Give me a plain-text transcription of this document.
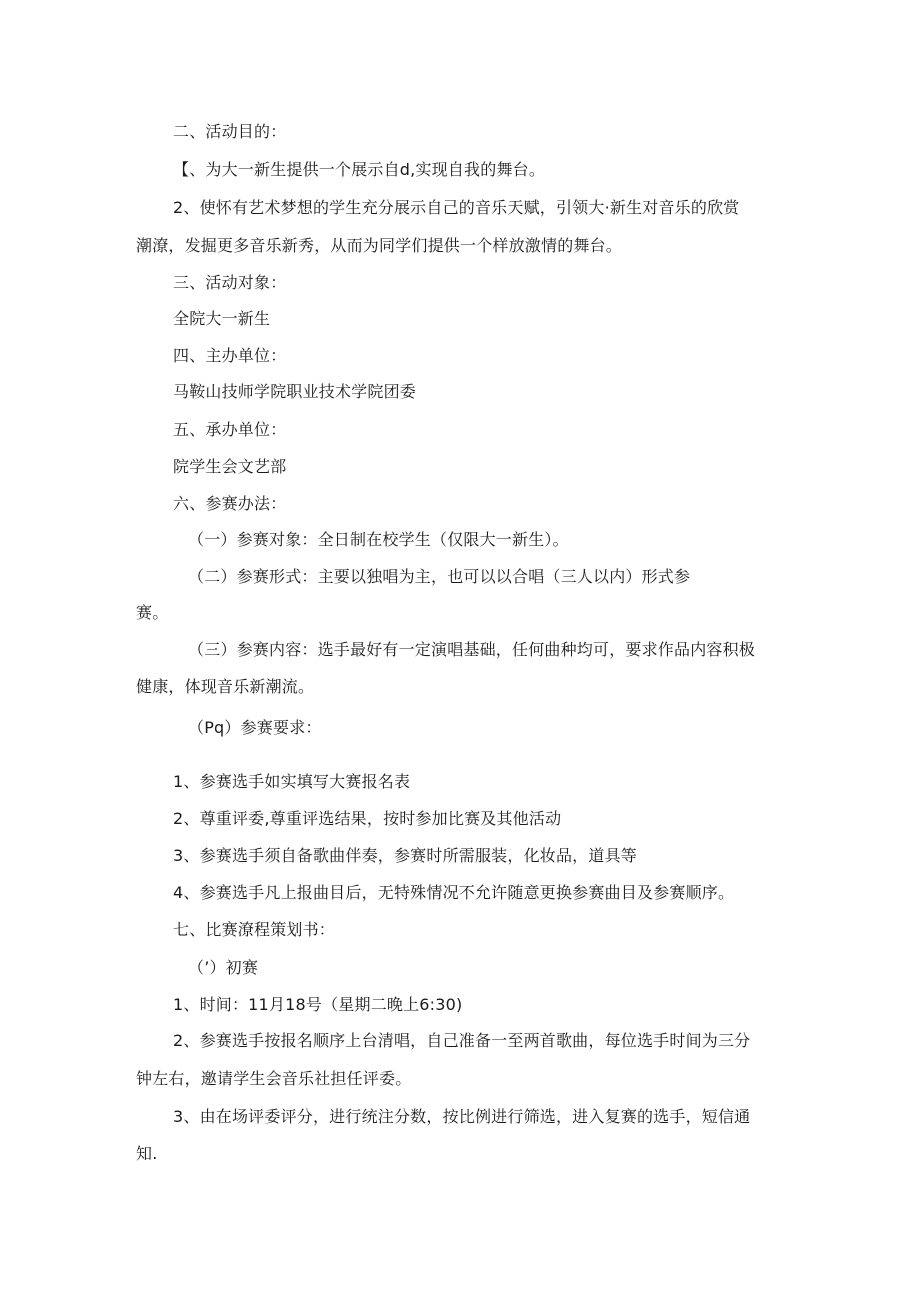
二、活动目的：
【、为大一新生提供一个展示自d,实现自我的舞台。
2、使怀有艺术梦想的学生充分展示自己的音乐天赋，引领大·新生对音乐的欣赏
潮潦，发掘更多音乐新秀，从而为同学们提供一个样放激情的舞台。
三、活动对象：
全院大一新生
四、主办单位：
马鞍山技师学院职业技术学院团委
五、承办单位：
院学生会文艺部
六、参赛办法：
（一）参赛对象：全日制在校学生（仅限大一新生）。
（二）参赛形式：主要以独唱为主，也可以以合唱（三人以内）形式参
赛。
（三）参赛内容：选手最好有一定演唱基础，任何曲种均可，要求作品内容积极
健康，体现音乐新潮流。
（Pq）参赛要求：
1、参赛选手如实填写大赛报名表
2、尊重评委,尊重评选结果，按时参加比赛及其他活动
3、参赛选手须自备歌曲伴奏，参赛时所需服装，化妆品，道具等
4、参赛选手凡上报曲目后，无特殊情况不允许随意更换参赛曲目及参赛顺序。
七、比赛潦程策划书：
（’）初赛
1、时间：11月18号（星期二晚上6:30)
2、参赛选手按报名顺序上台清唱，自己准备一至两首歌曲，每位选手时间为三分
钟左右，邀请学生会音乐社担任评委。
3、由在场评委评分，进行统注分数，按比例进行筛选，进入复赛的选手，短信通
知.
